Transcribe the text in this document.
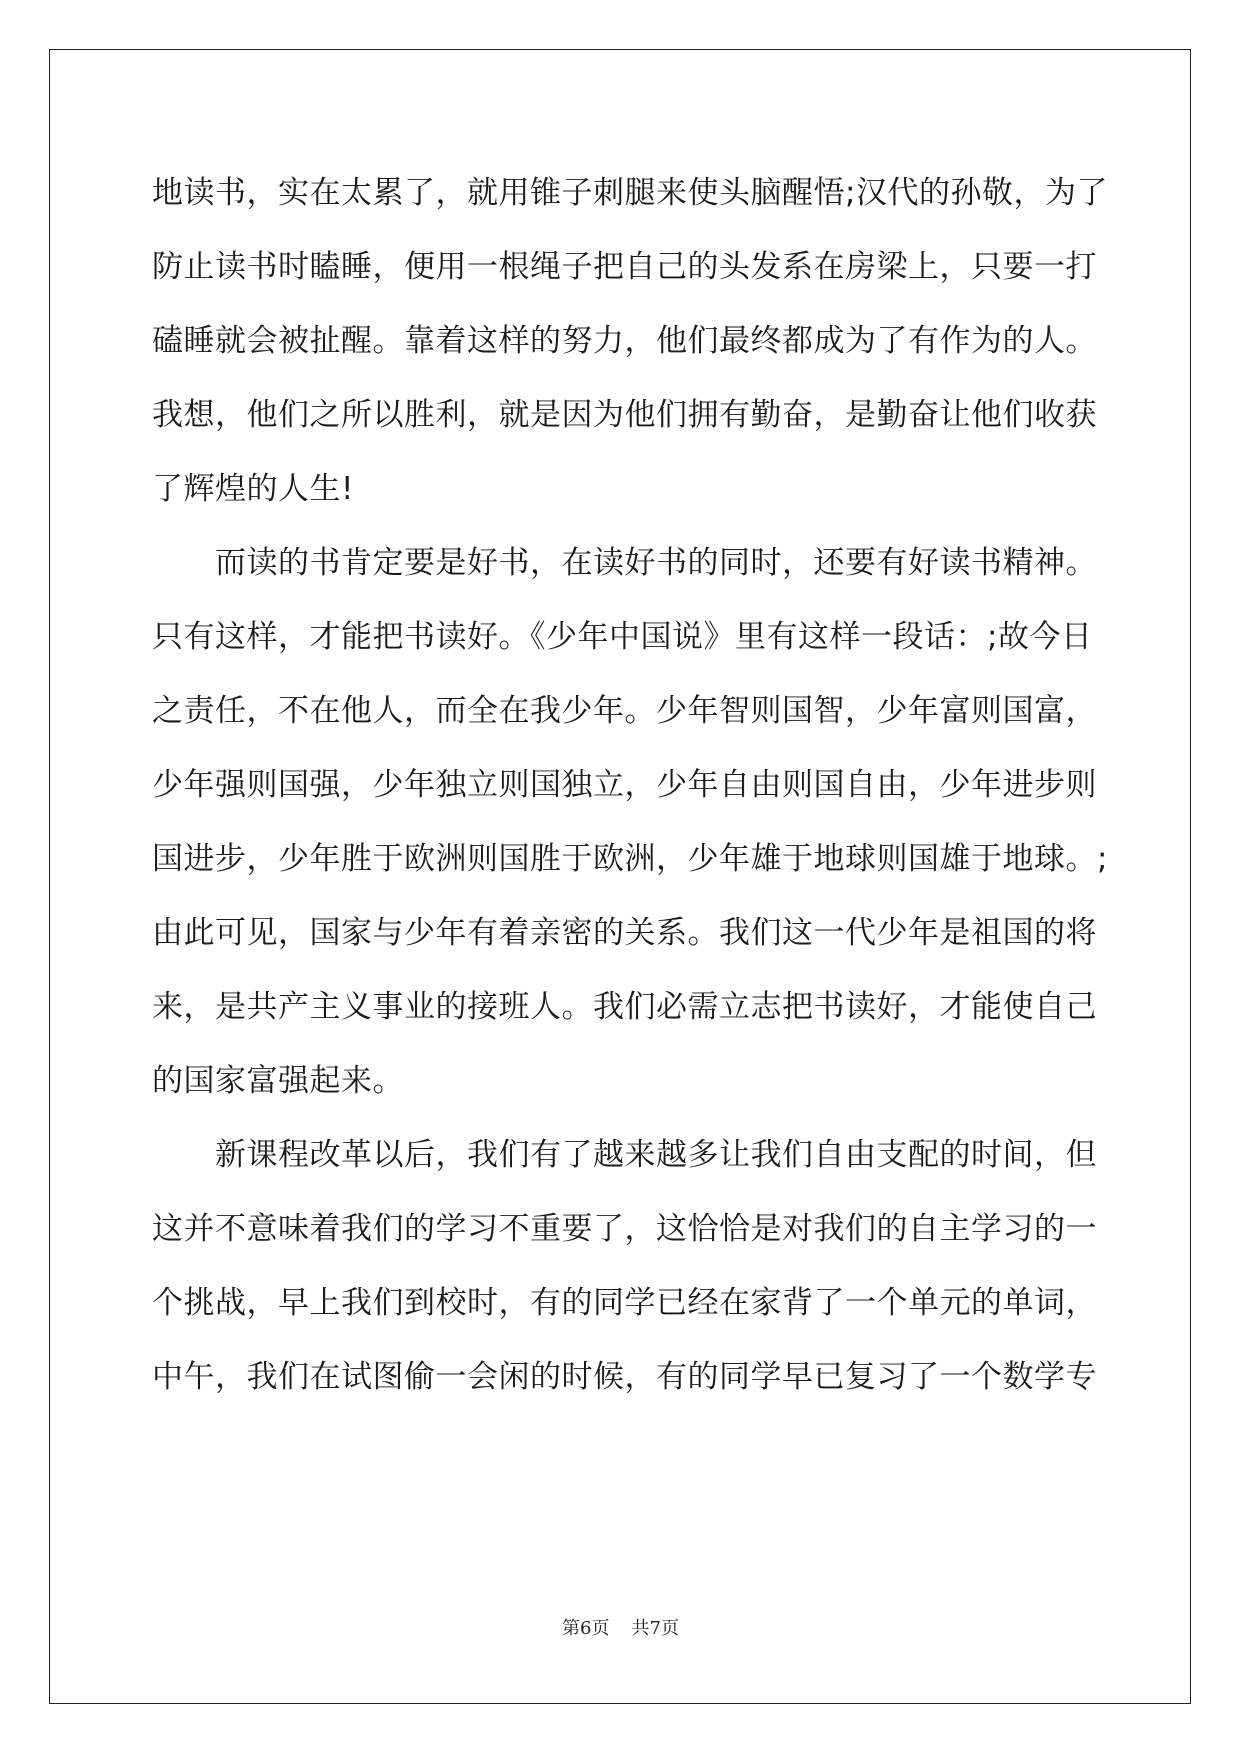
地读书，实在太累了，就用锥子刺腿来使头脑醒悟;汉代的孙敬，为了
防止读书时瞌睡，便用一根绳子把自己的头发系在房梁上，只要一打
磕睡就会被扯醒。靠着这样的努力，他们最终都成为了有作为的人。
我想，他们之所以胜利，就是因为他们拥有勤奋，是勤奋让他们收获
了辉煌的人生!
　　而读的书肯定要是好书，在读好书的同时，还要有好读书精神。
只有这样，才能把书读好。《少年中国说》里有这样一段话：;故今日
之责任，不在他人，而全在我少年。少年智则国智，少年富则国富，
少年强则国强，少年独立则国独立，少年自由则国自由，少年进步则
国进步，少年胜于欧洲则国胜于欧洲，少年雄于地球则国雄于地球。;
由此可见，国家与少年有着亲密的关系。我们这一代少年是祖国的将
来，是共产主义事业的接班人。我们必需立志把书读好，才能使自己
的国家富强起来。
　　新课程改革以后，我们有了越来越多让我们自由支配的时间，但
这并不意味着我们的学习不重要了，这恰恰是对我们的自主学习的一
个挑战，早上我们到校时，有的同学已经在家背了一个单元的单词，
中午，我们在试图偷一会闲的时候，有的同学早已复习了一个数学专
第6页 共7页
